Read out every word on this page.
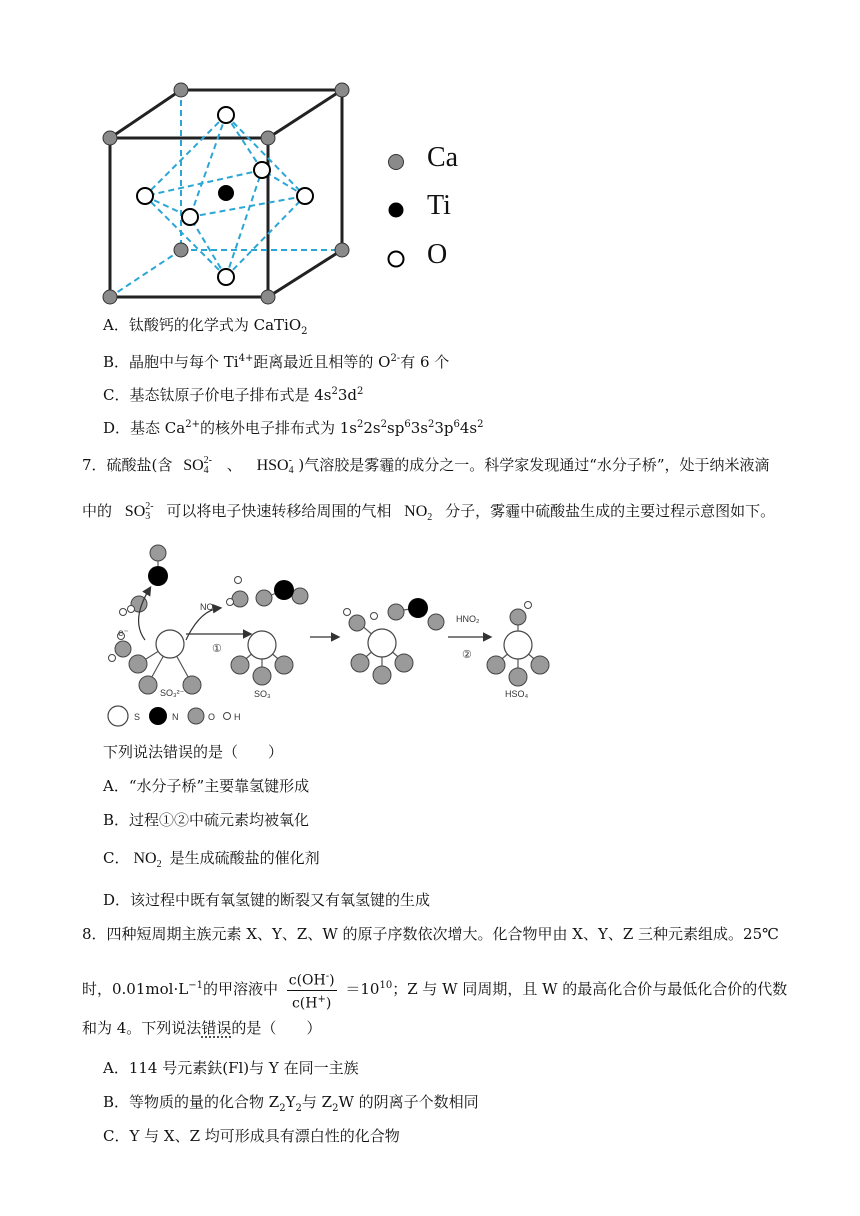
Ca
Ti
O
A．钛酸钙的化学式为 CaTiO$_2$
B．晶胞中与每个 $Ti^{4+}$距离最近且相等的 $O^{2-}$有 6 个
C．基态钛原子价电子排布式是 $4s^23d^2$
D．基态 $Ca^{2+}$的核外电子排布式为 $1s^22s^2sp^63s^23p^64s^2$
7．硫酸盐(含 SO 2-
4 、 HSO -
4 )气溶胶是雾霾的成分之一。科学家发现通过“水分子桥”，处于纳米液滴
中的 SO 2-
3 可以将电子快速转移给周围的气相 $NO_2$ 分子，雾霾中硫酸盐生成的主要过程示意图如下。
e⁻
NO₂
①
SO₃²⁻	SO₃
HNO₂
②
HSO₄
S	N	O H
下列说法错误的是（　　）
A．“水分子桥”主要靠氢键形成
B．过程①②中硫元素均被氧化
C． $NO_2$ 是生成硫酸盐的催化剂
D．该过程中既有氧氢键的断裂又有氧氢键的生成
8．四种短周期主族元素 X、Y、Z、W 的原子序数依次增大。化合物甲由 X、Y、Z 三种元素组成。25℃
时，$0.01mol\cdot L^{-1}$的甲溶液中 $\frac{c(OH^-)}{c(H^+)} =10^{10}$；Z 与 W 同周期，且 W 的最高化合价与最低化合价的代数
和为 4。下列说法错误的是（　　）
A．114 号元素鈇(Fl)与 Y 在同一主族
B．等物质的量的化合物 $Z_2Y_2$与 $Z_2W$ 的阴离子个数相同
C．Y 与 X、Z 均可形成具有漂白性的化合物
